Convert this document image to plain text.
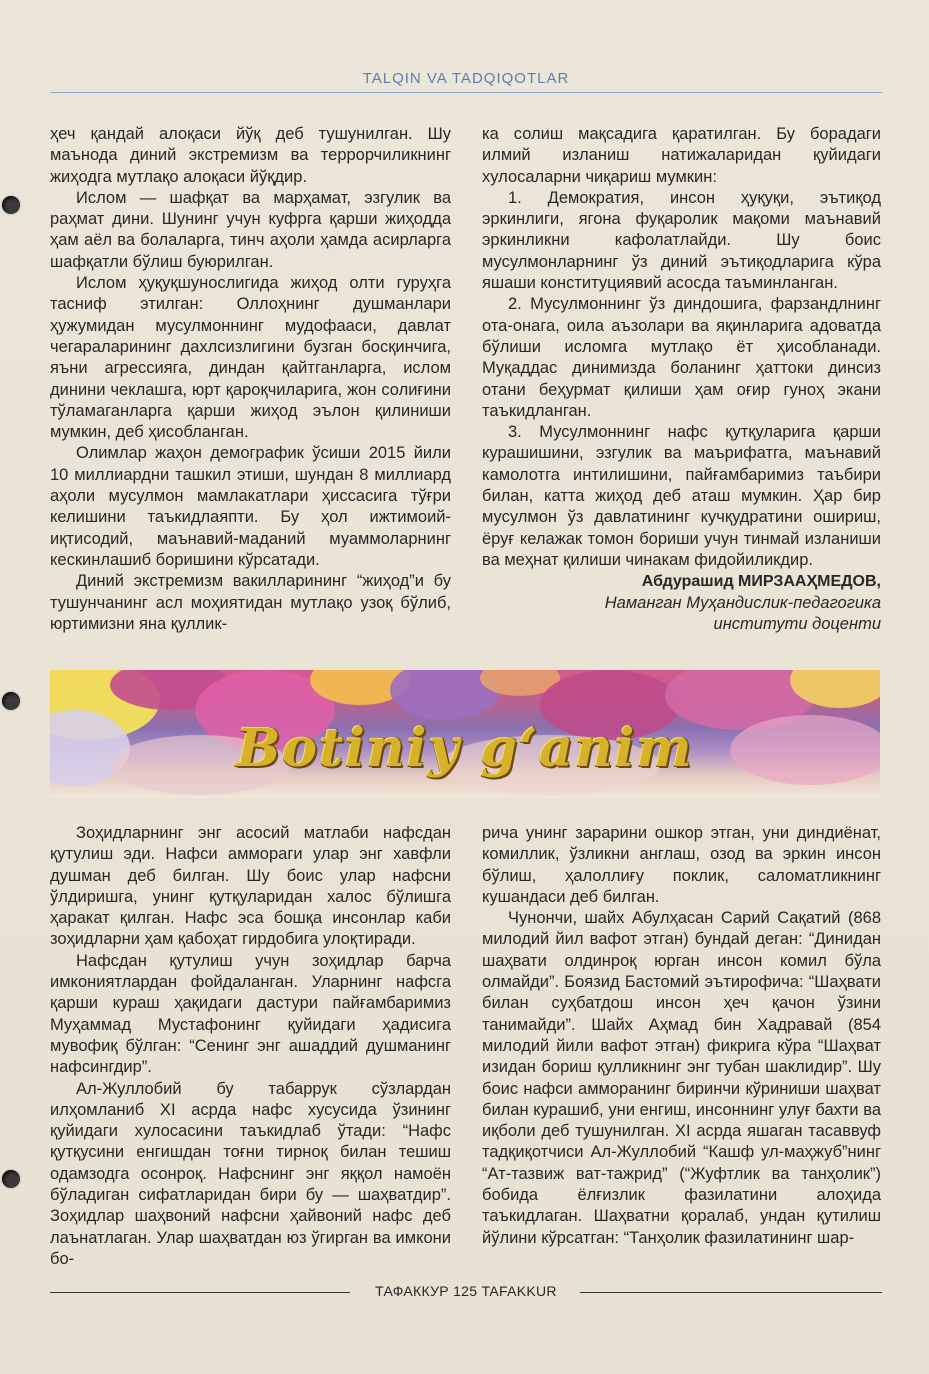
TALQIN VA TADQIQOTLAR

ҳеч қандай алоқаси йўқ деб тушунилган. Шу маънода диний экстремизм ва террорчиликнинг жиҳодга мутлақо алоқаси йўқдир.

Ислом — шафқат ва марҳамат, эзгулик ва раҳмат дини. Шунинг учун куфрга қарши жиҳодда ҳам аёл ва болаларга, тинч аҳоли ҳамда асирларга шафқатли бўлиш буюрилган.

Ислом ҳуқуқшунослигида жиҳод олти гуруҳга тасниф этилган: Оллоҳнинг душманлари ҳужумидан мусулмоннинг мудофааси, давлат чегараларининг дахлсизлигини бузган босқинчига, яъни агрессияга, диндан қайтганларга, ислом динини чеклашга, юрт қароқчиларига, жон солиғини тўламаганларга қарши жиҳод эълон қилиниши мумкин, деб ҳисобланган.

Олимлар жаҳон демографик ўсиши 2015 йили 10 миллиардни ташкил этиши, шундан 8 миллиард аҳоли мусулмон мамлакатлари ҳиссасига тўғри келишини таъкидлаяпти. Бу ҳол ижтимоий-иқтисодий, маънавий-маданий муаммоларнинг кескинлашиб боришини кўрсатади.

Диний экстремизм вакилларининг “жиҳод”и бу тушунчанинг асл моҳиятидан мутлақо узоқ бўлиб, юртимизни яна қуллик-

ка солиш мақсадига қаратилган. Бу борадаги илмий изланиш натижаларидан қуйидаги хулосаларни чиқариш мумкин:

1. Демократия, инсон ҳуқуқи, эътиқод эркинлиги, ягона фуқаролик мақоми маънавий эркинликни кафолатлайди. Шу боис мусулмонларнинг ўз диний эътиқодларига кўра яшаши конституциявий асосда таъминланган.

2. Мусулмоннинг ўз диндошига, фарзандлнинг ота-онага, оила аъзолари ва яқинларига адоватда бўлиши исломга мутлақо ёт ҳисобланади. Муқаддас динимизда боланинг ҳаттоки динсиз отани беҳурмат қилиши ҳам оғир гуноҳ экани таъкидланган.

3. Мусулмоннинг нафс қутқуларига қарши курашишини, эзгулик ва маърифатга, маънавий камолотга интилишини, пайғамбаримиз таъбири билан, катта жиҳод деб аташ мумкин. Ҳар бир мусулмон ўз давлатининг кучқудратини ошириш, ёруғ келажак томон бориши учун тинмай изланиши ва меҳнат қилиши чинакам фидойиликдир.

Абдурашид МИРЗААҲМЕДОВ,

Наманган Муҳандислик-педагогика

институти доценти

Botiniy g‘anim

Зоҳидларнинг энг асосий матлаби нафсдан қутулиш эди. Нафси аммораги улар энг хавфли душман деб билган. Шу боис улар нафсни ўлдиришга, унинг қутқуларидан халос бўлишга ҳаракат қилган. Нафс эса бошқа инсонлар каби зоҳидларни ҳам қабоҳат гирдобига улоқтиради.

Нафсдан қутулиш учун зоҳидлар барча имкониятлардан фойдаланган. Уларнинг нафсга қарши кураш ҳақидаги дастури пайғамбаримиз Муҳаммад Мустафонинг қуйидаги ҳадисига мувофиқ бўлган: “Сенинг энг ашаддий душманинг нафсингдир”.

Ал-Жуллобий бу табаррук сўзлардан илҳомланиб XI асрда нафс хусусида ўзининг қуйидаги хулосасини таъкидлаб ўтади: “Нафс қутқусини енгишдан тоғни тирноқ билан тешиш одамзодга осонроқ. Нафснинг энг яққол намоён бўладиган сифатларидан бири бу — шаҳватдир”. Зоҳидлар шаҳвоний нафсни ҳайвоний нафс деб лаънатлаган. Улар шаҳватдан юз ўгирган ва имкони бо-

рича унинг зарарини ошкор этган, уни диндиёнат, комиллик, ўзликни англаш, озод ва эркин инсон бўлиш, ҳалоллиғу поклик, саломатликнинг кушандаси деб билган.

Чунончи, шайх Абулҳасан Сарий Сақатий (868 милодий йил вафот этган) бундай деган: “Динидан шаҳвати олдинроқ юрган инсон комил бўла олмайди”. Боязид Бастомий эътирофича: “Шаҳвати билан суҳбатдош инсон ҳеч қачон ўзини танимайди”. Шайх Аҳмад бин Хадравай (854 милодий йили вафот этган) фикрига кўра “Шаҳват изидан бориш қулликнинг энг тубан шаклидир”. Шу боис нафси амморанинг биринчи кўриниши шаҳват билан курашиб, уни енгиш, инсоннинг улуғ бахти ва иқболи деб тушунилган. XI асрда яшаган тасаввуф тадқиқотчиси Ал-Жуллобий “Кашф ул-маҳжуб”нинг “Ат-тазвиж ват-тажрид” (“Жуфтлик ва танҳолик”) бобида ёлғизлик фазилатини алоҳида таъкидлаган. Шаҳватни қоралаб, ундан қутилиш йўлини кўрсатган: “Танҳолик фазилатининг шар-

ТАФАККУР 125 TAFAKKUR
